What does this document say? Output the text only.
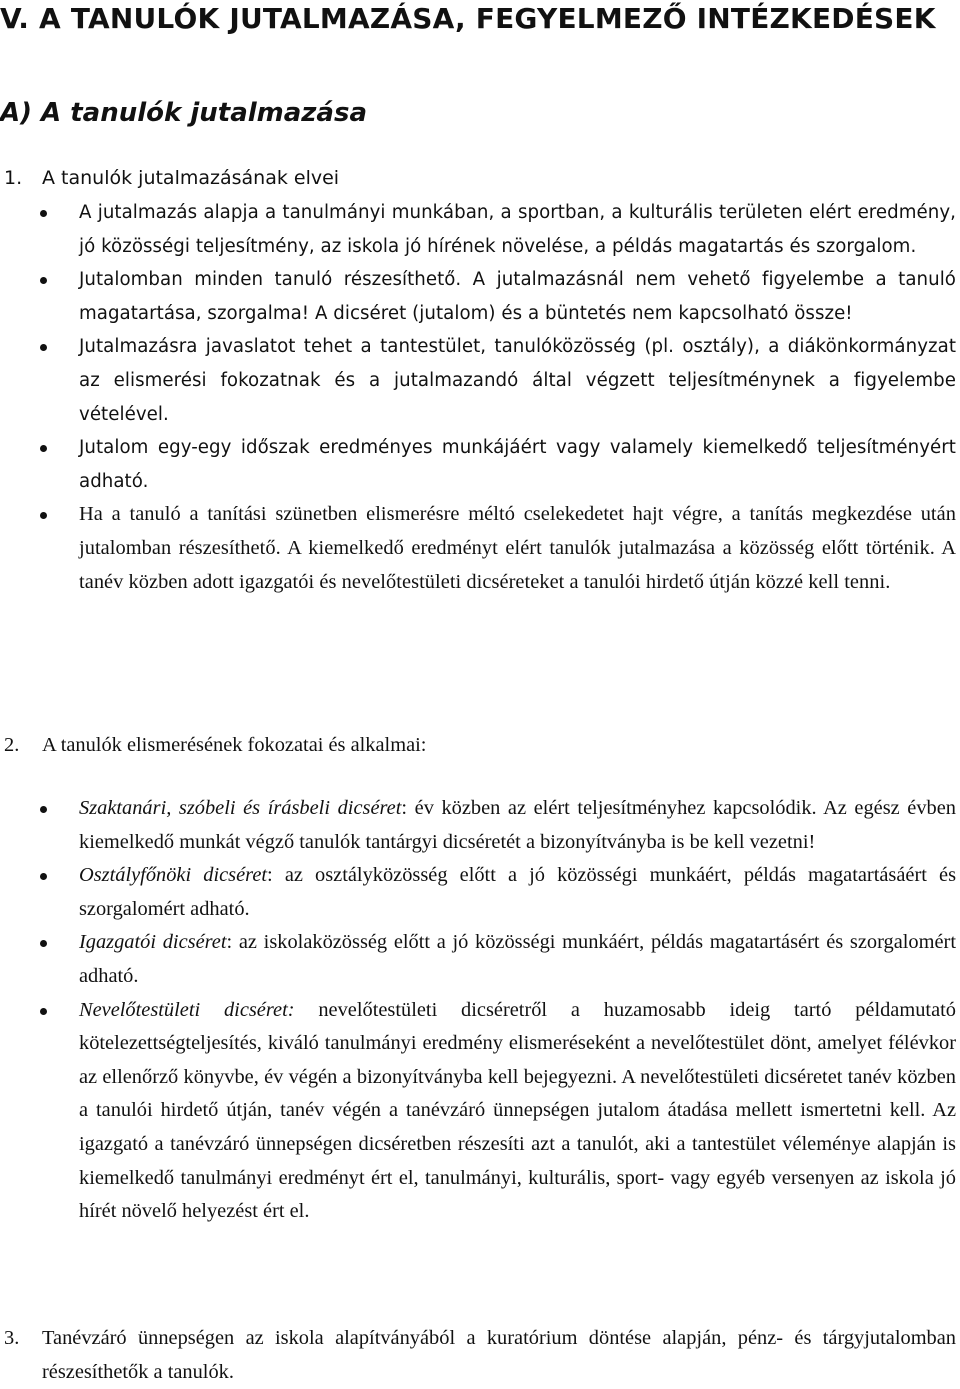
V. A TANULÓK JUTALMAZÁSA, FEGYELMEZŐ INTÉZKEDÉSEK
A) A tanulók jutalmazása

1. A tanulók jutalmazásának elvei

A jutalmazás alapja a tanulmányi munkában, a sportban, a kulturális területen elért eredmény, jó közösségi teljesítmény, az iskola jó hírének növelése, a példás magatartás és szorgalom.
Jutalomban minden tanuló részesíthető. A jutalmazásnál nem vehető figyelembe a tanuló magatartása, szorgalma! A dicséret (jutalom) és a büntetés nem kapcsolható össze!
Jutalmazásra javaslatot tehet a tantestület, tanulóközösség (pl. osztály), a diákönkormányzat az elismerési fokozatnak és a jutalmazandó által végzett teljesítménynek a figyelembe vételével.
Jutalom egy-egy időszak eredményes munkájáért vagy valamely kiemelkedő teljesítményért adható.
Ha a tanuló a tanítási szünetben elismerésre méltó cselekedetet hajt végre, a tanítás megkezdése után jutalomban részesíthető. A kiemelkedő eredményt elért tanulók jutalmazása a közösség előtt történik. A tanév közben adott igazgatói és nevelőtestületi dicséreteket a tanulói hirdető útján közzé kell tenni.

2. A tanulók elismerésének fokozatai és alkalmai:

Szaktanári, szóbeli és írásbeli dicséret: év közben az elért teljesítményhez kapcsolódik. Az egész évben kiemelkedő munkát végző tanulók tantárgyi dicséretét a bizonyítványba is be kell vezetni!
Osztályfőnöki dicséret: az osztályközösség előtt a jó közösségi munkáért, példás magatartásáért és szorgalomért adható.
Igazgatói dicséret: az iskolaközösség előtt a jó közösségi munkáért, példás magatartásért és szorgalomért adható.
Nevelőtestületi dicséret: nevelőtestületi dicséretről a huzamosabb ideig tartó példamutató kötelezettségteljesítés, kiváló tanulmányi eredmény elismeréseként a nevelőtestület dönt, amelyet félévkor az ellenőrző könyvbe, év végén a bizonyítványba kell bejegyezni. A nevelőtestületi dicséretet tanév közben a tanulói hirdető útján, tanév végén a tanévzáró ünnepségen jutalom átadása mellett ismertetni kell. Az igazgató a tanévzáró ünnepségen dicséretben részesíti azt a tanulót, aki a tantestület véleménye alapján is kiemelkedő tanulmányi eredményt ért el, tanulmányi, kulturális, sport- vagy egyéb versenyen az iskola jó hírét növelő helyezést ért el.

3. Tanévzáró ünnepségen az iskola alapítványából a kuratórium döntése alapján, pénz- és tárgyjutalomban részesíthetők a tanulók.
